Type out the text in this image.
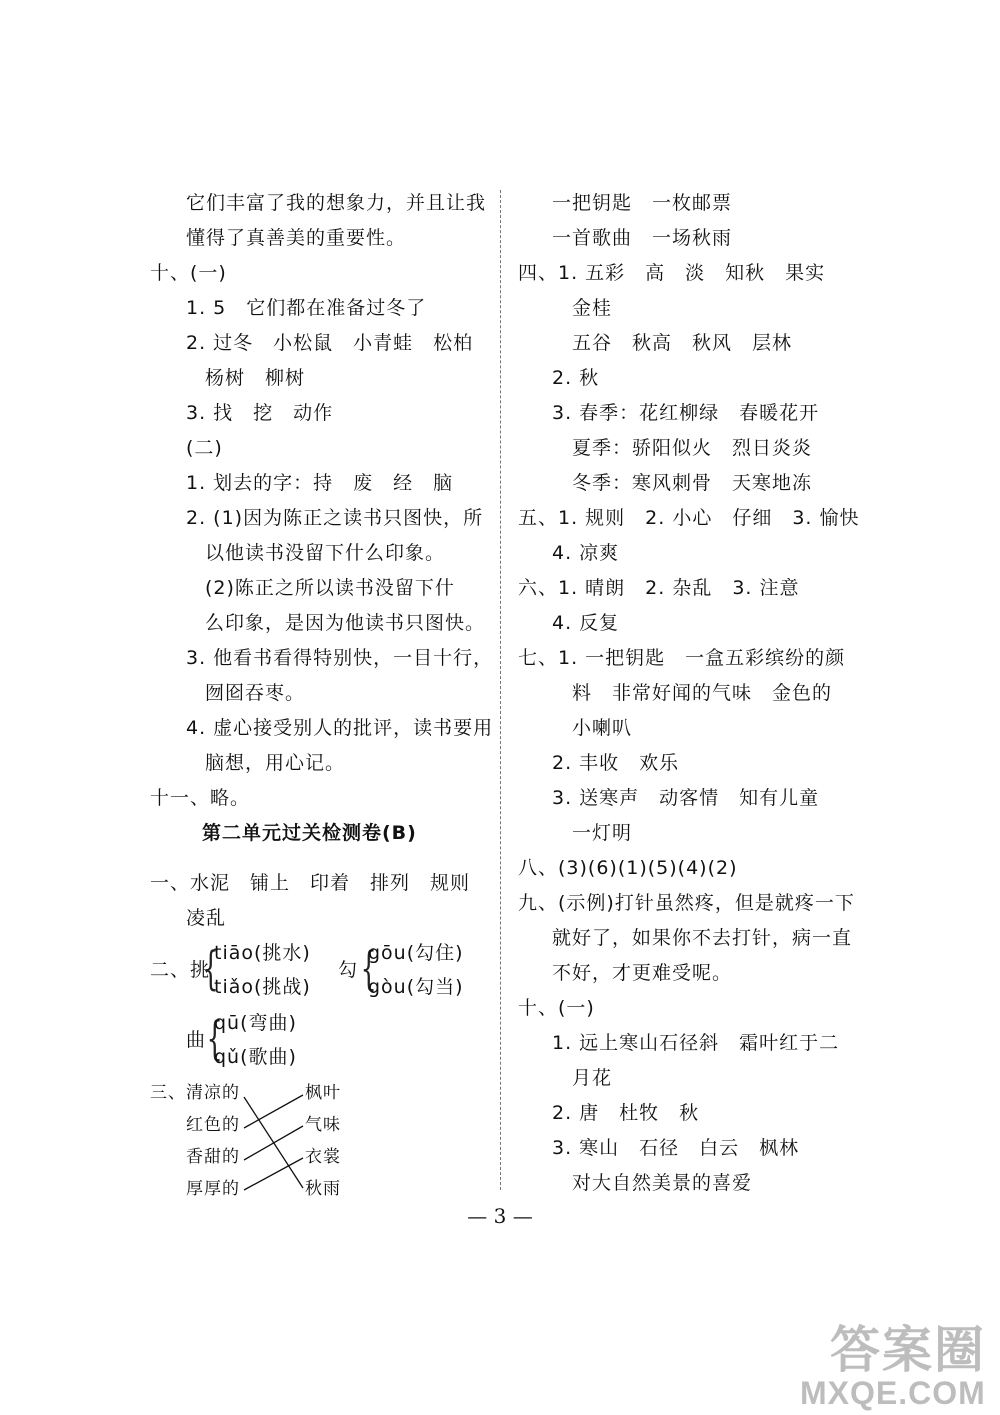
它们丰富了我的想象力，并且让我
懂得了真善美的重要性。
十、(一)
1. 5　它们都在准备过冬了
2. 过冬　小松鼠　小青蛙　松柏
杨树　柳树
3. 找　挖　动作
(二)
1. 划去的字：持　废　经　脑
2. (1)因为陈正之读书只图快，所
以他读书没留下什么印象。
(2)陈正之所以读书没留下什
么印象，是因为他读书只图快。
3. 他看书看得特别快，一目十行，
囫囵吞枣。
4. 虚心接受别人的批评，读书要用
脑想，用心记。
十一、略。
第二单元过关检测卷(B)
一、水泥　铺上　印着　排列　规则
凌乱
二、挑
{
tiāo(挑水)
tiǎo(挑战)
勾 {
gōu(勾住)
gòu(勾当)
曲 {
qū(弯曲)
qǔ(歌曲)
三、 清凉的
红色的
香甜的
厚厚的
枫叶
气味
衣裳
秋雨
一把钥匙　一枚邮票
一首歌曲　一场秋雨
四、1. 五彩　高　淡　知秋　果实
金桂
五谷　秋高　秋风　层林
2. 秋
3. 春季：花红柳绿　春暖花开
夏季：骄阳似火　烈日炎炎
冬季：寒风刺骨　天寒地冻
五、1. 规则　2. 小心　仔细　3. 愉快
4. 凉爽
六、1. 晴朗　2. 杂乱　3. 注意
4. 反复
七、1. 一把钥匙　一盒五彩缤纷的颜
料　非常好闻的气味　金色的
小喇叭
2. 丰收　欢乐
3. 送寒声　动客情　知有儿童
一灯明
八、(3)(6)(1)(5)(4)(2)
九、(示例)打针虽然疼，但是就疼一下
就好了，如果你不去打针，病一直
不好，才更难受呢。
十、(一)
1. 远上寒山石径斜　霜叶红于二
月花
2. 唐　杜牧　秋
3. 寒山　石径　白云　枫林
对大自然美景的喜爱
— 3 —
答案圈
MXQE.COM
